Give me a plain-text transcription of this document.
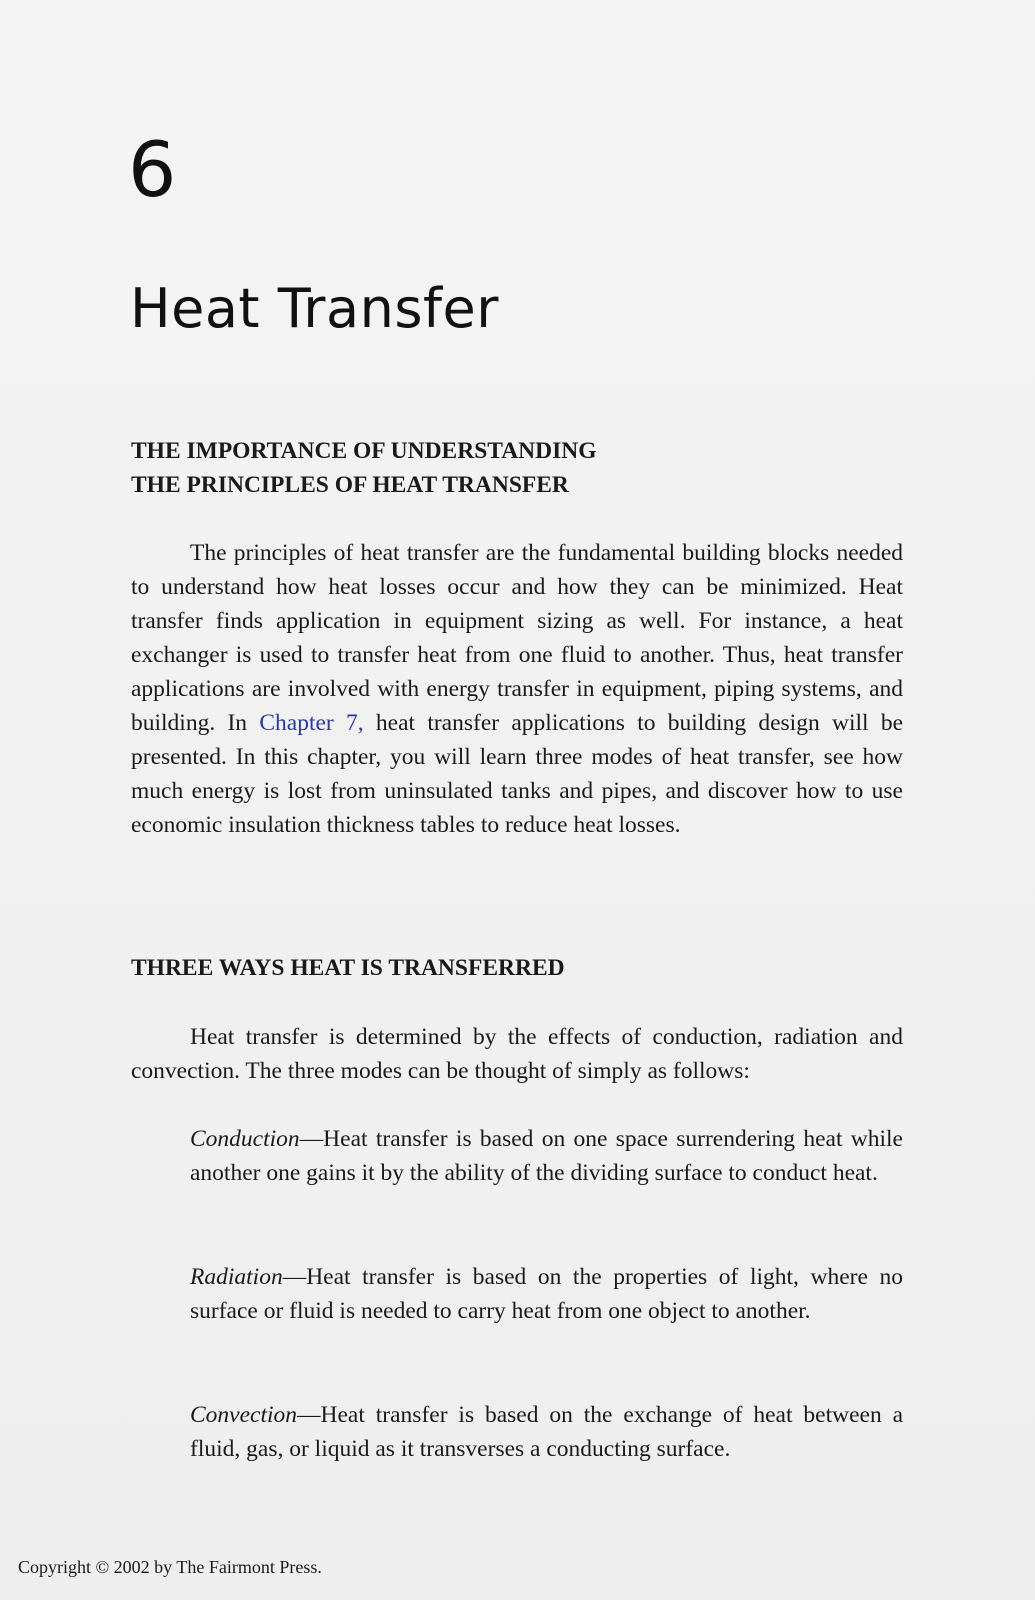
6
Heat Transfer
THE IMPORTANCE OF UNDERSTANDING
THE PRINCIPLES OF HEAT TRANSFER

The principles of heat transfer are the fundamental building blocks needed to understand how heat losses occur and how they can be minimized. Heat transfer finds application in equipment sizing as well. For instance, a heat exchanger is used to transfer heat from one fluid to another. Thus, heat transfer applications are involved with energy transfer in equipment, piping systems, and building. In Chapter 7, heat transfer applications to building design will be presented. In this chapter, you will learn three modes of heat transfer, see how much energy is lost from uninsulated tanks and pipes, and discover how to use economic insulation thickness tables to reduce heat losses.

THREE WAYS HEAT IS TRANSFERRED

Heat transfer is determined by the effects of conduction, radiation and convection. The three modes can be thought of simply as follows:

Conduction—Heat transfer is based on one space surrendering heat while another one gains it by the ability of the dividing surface to conduct heat.

Radiation—Heat transfer is based on the properties of light, where no surface or fluid is needed to carry heat from one object to another.

Convection—Heat transfer is based on the exchange of heat between a fluid, gas, or liquid as it transverses a conducting surface.

Copyright © 2002 by The Fairmont Press.
